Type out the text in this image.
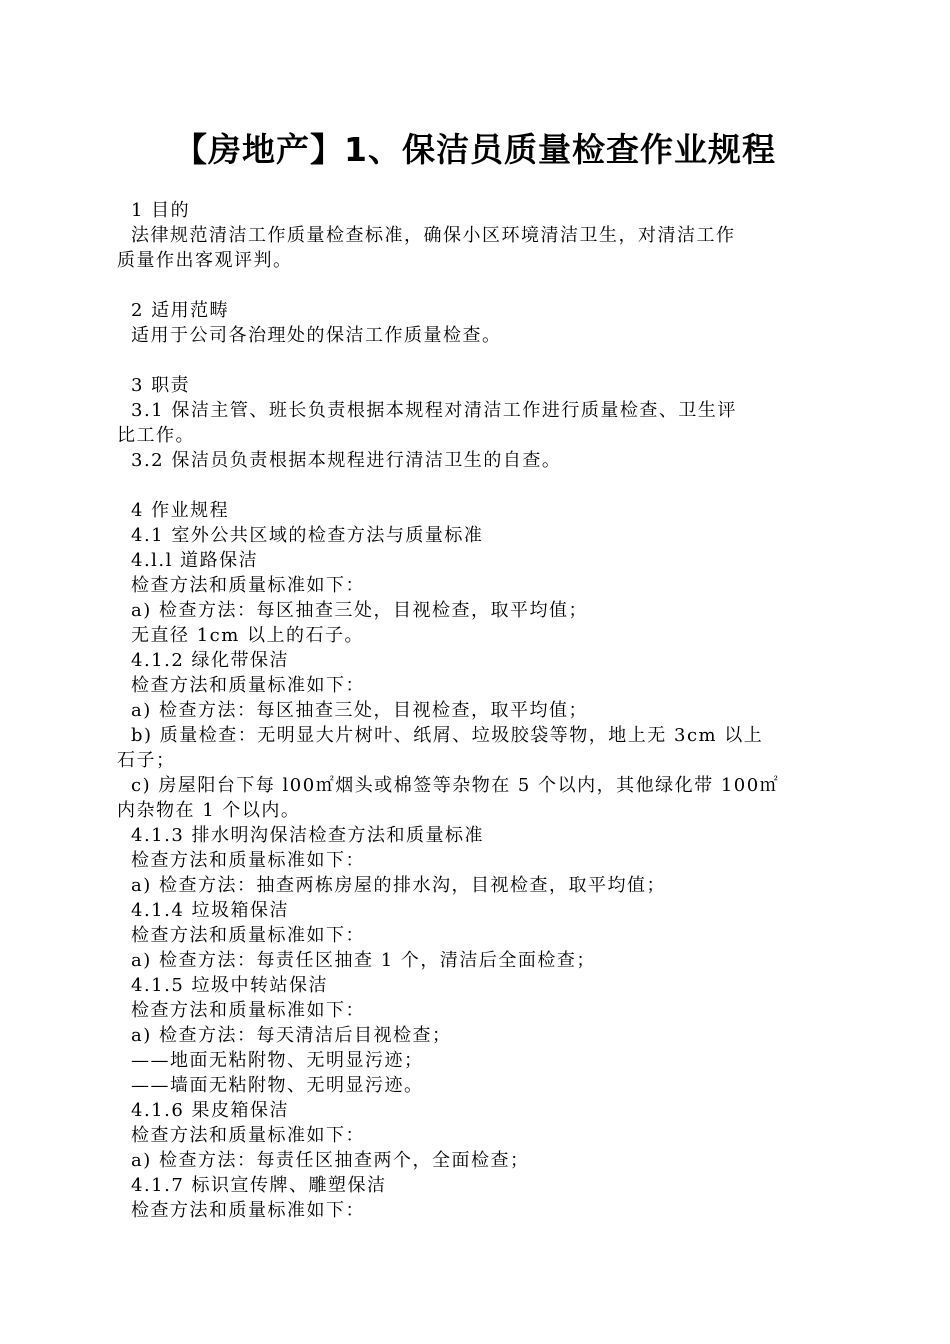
【房地产】1、保洁员质量检查作业规程
1 目的
法律规范清洁工作质量检查标准，确保小区环境清洁卫生，对清洁工作
质量作出客观评判。
2 适用范畴
适用于公司各治理处的保洁工作质量检查。
3 职责
3.1 保洁主管、班长负责根据本规程对清洁工作进行质量检查、卫生评
比工作。
3.2 保洁员负责根据本规程进行清洁卫生的自查。
4 作业规程
4.1 室外公共区域的检查方法与质量标准
4.l.l 道路保洁
检查方法和质量标准如下：
a) 检查方法：每区抽查三处，目视检查，取平均值；
无直径 1cm 以上的石子。
4.1.2 绿化带保洁
检查方法和质量标准如下：
a) 检查方法：每区抽查三处，目视检查，取平均值；
b) 质量检查：无明显大片树叶、纸屑、垃圾胶袋等物，地上无 3cm 以上
石子；
c) 房屋阳台下每 l00㎡烟头或棉签等杂物在 5 个以内，其他绿化带 100㎡
内杂物在 1 个以内。
4.1.3 排水明沟保洁检查方法和质量标准
检查方法和质量标准如下：
a) 检查方法：抽查两栋房屋的排水沟，目视检查，取平均值；
4.1.4 垃圾箱保洁
检查方法和质量标准如下：
a) 检查方法：每责任区抽查 1 个，清洁后全面检查；
4.1.5 垃圾中转站保洁
检查方法和质量标准如下：
a) 检查方法：每天清洁后目视检查；
——地面无粘附物、无明显污迹；
——墙面无粘附物、无明显污迹。
4.1.6 果皮箱保洁
检查方法和质量标准如下：
a) 检查方法：每责任区抽查两个，全面检查；
4.1.7 标识宣传牌、雕塑保洁
检查方法和质量标准如下：
